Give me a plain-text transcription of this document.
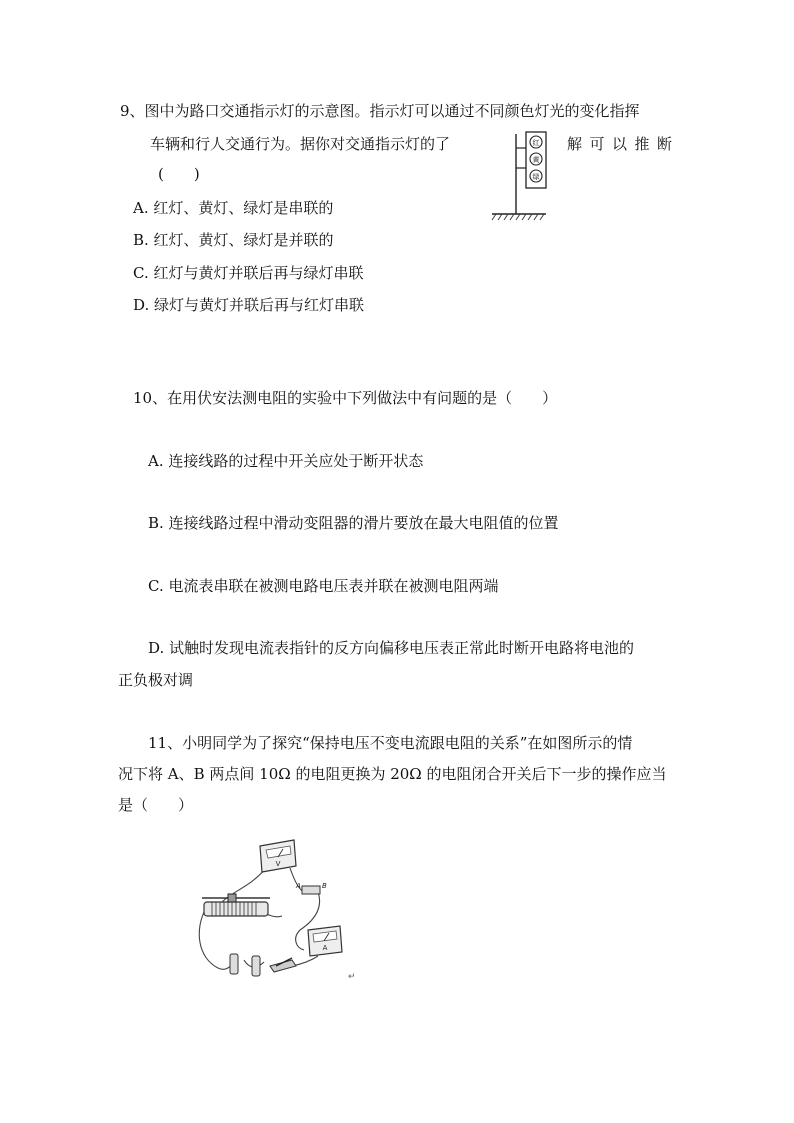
9、图中为路口交通指示灯的示意图。指示灯可以通过不同颜色灯光的变化指挥
车辆和行人交通行为。据你对交通指示灯的了	解 可 以 推 断
(　　)
A. 红灯、黄灯、绿灯是串联的
B. 红灯、黄灯、绿灯是并联的
C. 红灯与黄灯并联后再与绿灯串联
D. 绿灯与黄灯并联后再与红灯串联
红
黄
绿
10、在用伏安法测电阻的实验中下列做法中有问题的是（　　）
A. 连接线路的过程中开关应处于断开状态
B. 连接线路过程中滑动变阻器的滑片要放在最大电阻值的位置
C. 电流表串联在被测电路电压表并联在被测电阻两端
D. 试触时发现电流表指针的反方向偏移电压表正常此时断开电路将电池的
正负极对调
11、小明同学为了探究“保持电压不变电流跟电阻的关系”在如图所示的情
况下将 A、B 两点间 10Ω 的电阻更换为 20Ω 的电阻闭合开关后下一步的操作应当
是（　　）
V
A	B
A
↵
